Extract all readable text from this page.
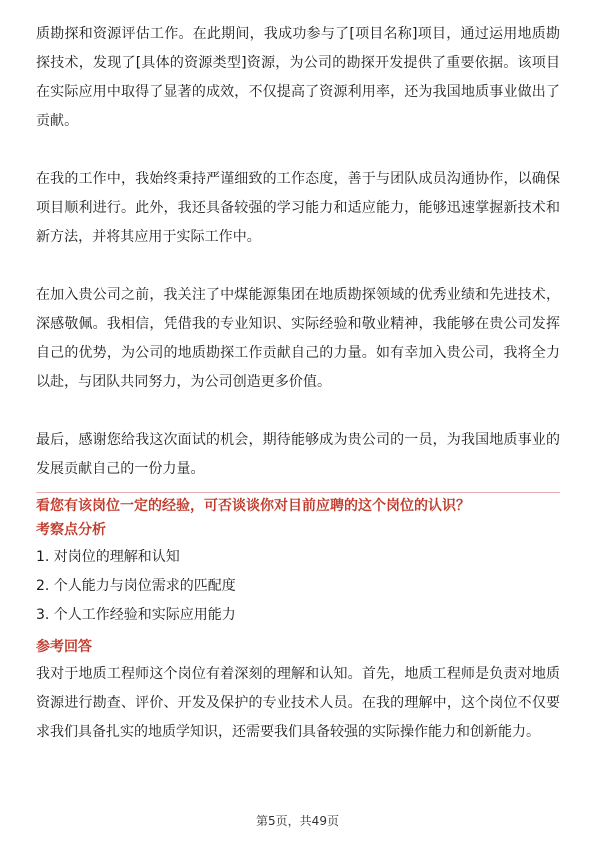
质勘探和资源评估工作。在此期间，我成功参与了[项目名称]项目，通过运用地质勘探技术，发现了[具体的资源类型]资源，为公司的勘探开发提供了重要依据。该项目在实际应用中取得了显著的成效，不仅提高了资源利用率，还为我国地质事业做出了贡献。

在我的工作中，我始终秉持严谨细致的工作态度，善于与团队成员沟通协作，以确保项目顺利进行。此外，我还具备较强的学习能力和适应能力，能够迅速掌握新技术和新方法，并将其应用于实际工作中。

在加入贵公司之前，我关注了中煤能源集团在地质勘探领域的优秀业绩和先进技术，深感敬佩。我相信，凭借我的专业知识、实际经验和敬业精神，我能够在贵公司发挥自己的优势，为公司的地质勘探工作贡献自己的力量。如有幸加入贵公司，我将全力以赴，与团队共同努力，为公司创造更多价值。

最后，感谢您给我这次面试的机会，期待能够成为贵公司的一员，为我国地质事业的发展贡献自己的一份力量。

看您有该岗位一定的经验，可否谈谈你对目前应聘的这个岗位的认识？
考察点分析
1. 对岗位的理解和认知
2. 个人能力与岗位需求的匹配度
3. 个人工作经验和实际应用能力
参考回答

我对于地质工程师这个岗位有着深刻的理解和认知。首先，地质工程师是负责对地质资源进行勘查、评价、开发及保护的专业技术人员。在我的理解中，这个岗位不仅要求我们具备扎实的地质学知识，还需要我们具备较强的实际操作能力和创新能力。

第5页，共49页
